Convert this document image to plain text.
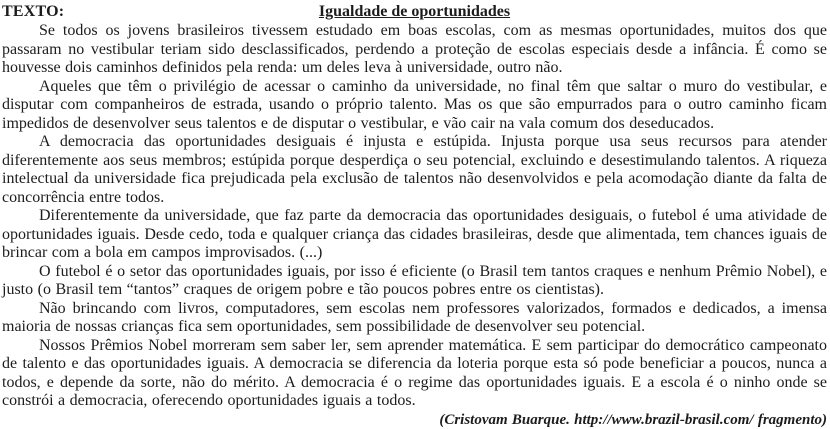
TEXTO:	Igualdade de oportunidades

Se todos os jovens brasileiros tivessem estudado em boas escolas, com as mesmas oportunidades, muitos dos que passaram no vestibular teriam sido desclassificados, perdendo a proteção de escolas especiais desde a infância. É como se houvesse dois caminhos definidos pela renda: um deles leva à universidade, outro não.

Aqueles que têm o privilégio de acessar o caminho da universidade, no final têm que saltar o muro do vestibular, e disputar com companheiros de estrada, usando o próprio talento. Mas os que são empurrados para o outro caminho ficam impedidos de desenvolver seus talentos e de disputar o vestibular, e vão cair na vala comum dos deseducados.

A democracia das oportunidades desiguais é injusta e estúpida. Injusta porque usa seus recursos para atender diferentemente aos seus membros; estúpida porque desperdiça o seu potencial, excluindo e desestimulando talentos. A riqueza intelectual da universidade fica prejudicada pela exclusão de talentos não desenvolvidos e pela acomodação diante da falta de concorrência entre todos.

Diferentemente da universidade, que faz parte da democracia das oportunidades desiguais, o futebol é uma atividade de oportunidades iguais. Desde cedo, toda e qualquer criança das cidades brasileiras, desde que alimentada, tem chances iguais de brincar com a bola em campos improvisados. (...)

O futebol é o setor das oportunidades iguais, por isso é eficiente (o Brasil tem tantos craques e nenhum Prêmio Nobel), e justo (o Brasil tem “tantos” craques de origem pobre e tão poucos pobres entre os cientistas).

Não brincando com livros, computadores, sem escolas nem professores valorizados, formados e dedicados, a imensa maioria de nossas crianças fica sem oportunidades, sem possibilidade de desenvolver seu potencial.

Nossos Prêmios Nobel morreram sem saber ler, sem aprender matemática. E sem participar do democrático campeonato de talento e das oportunidades iguais. A democracia se diferencia da loteria porque esta só pode beneficiar a poucos, nunca a todos, e depende da sorte, não do mérito. A democracia é o regime das oportunidades iguais. E a escola é o ninho onde se constrói a democracia, oferecendo oportunidades iguais a todos.
(Cristovam Buarque. http://www.brazil-brasil.com/ fragmento)
